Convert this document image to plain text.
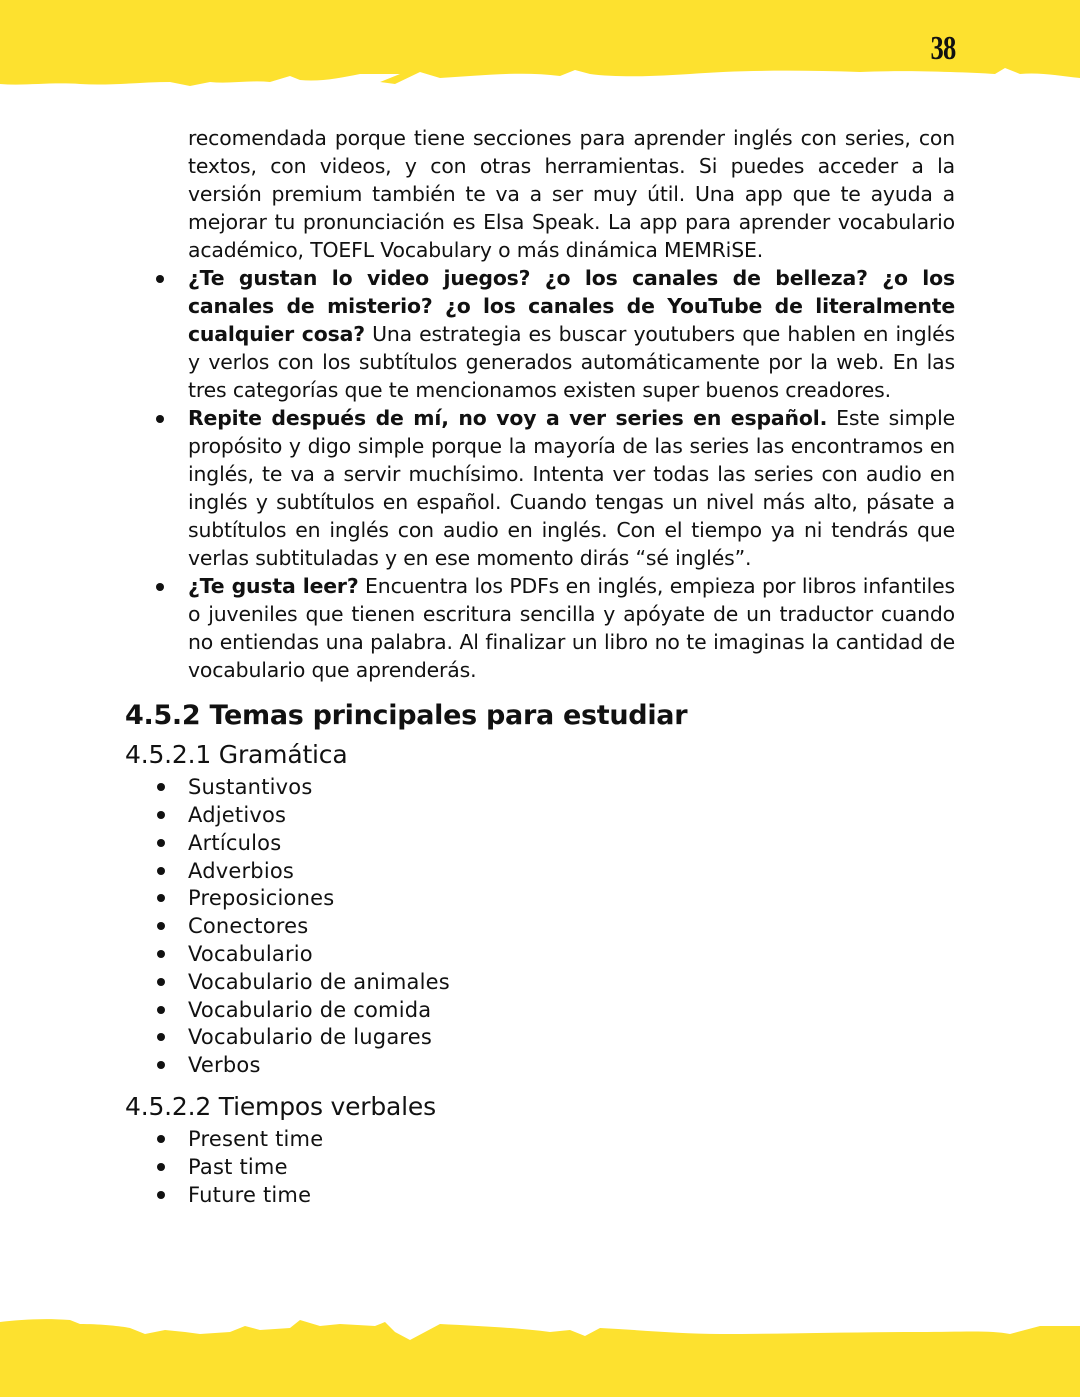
38

recomendada porque tiene secciones para aprender inglés con series, con textos, con videos, y con otras herramientas. Si puedes acceder a la versión premium también te va a ser muy útil. Una app que te ayuda a mejorar tu pronunciación es Elsa Speak. La app para aprender vocabulario académico, TOEFL Vocabulary o más dinámica MEMRiSE.

¿Te gustan lo video juegos? ¿o los canales de belleza? ¿o los canales de misterio? ¿o los canales de YouTube de literalmente cualquier cosa? Una estrategia es buscar youtubers que hablen en inglés y verlos con los subtítulos generados automáticamente por la web. En las tres categorías que te mencionamos existen super buenos creadores.

Repite después de mí, no voy a ver series en español. Este simple propósito y digo simple porque la mayoría de las series las encontramos en inglés, te va a servir muchísimo. Intenta ver todas las series con audio en inglés y subtítulos en español. Cuando tengas un nivel más alto, pásate a subtítulos en inglés con audio en inglés. Con el tiempo ya ni tendrás que verlas subtituladas y en ese momento dirás “sé inglés”.

¿Te gusta leer? Encuentra los PDFs en inglés, empieza por libros infantiles o juveniles que tienen escritura sencilla y apóyate de un traductor cuando no entiendas una palabra. Al finalizar un libro no te imaginas la cantidad de vocabulario que aprenderás.

4.5.2 Temas principales para estudiar
4.5.2.1 Gramática
Sustantivos
Adjetivos
Artículos
Adverbios
Preposiciones
Conectores
Vocabulario
Vocabulario de animales
Vocabulario de comida
Vocabulario de lugares
Verbos
4.5.2.2 Tiempos verbales
Present time
Past time
Future time
